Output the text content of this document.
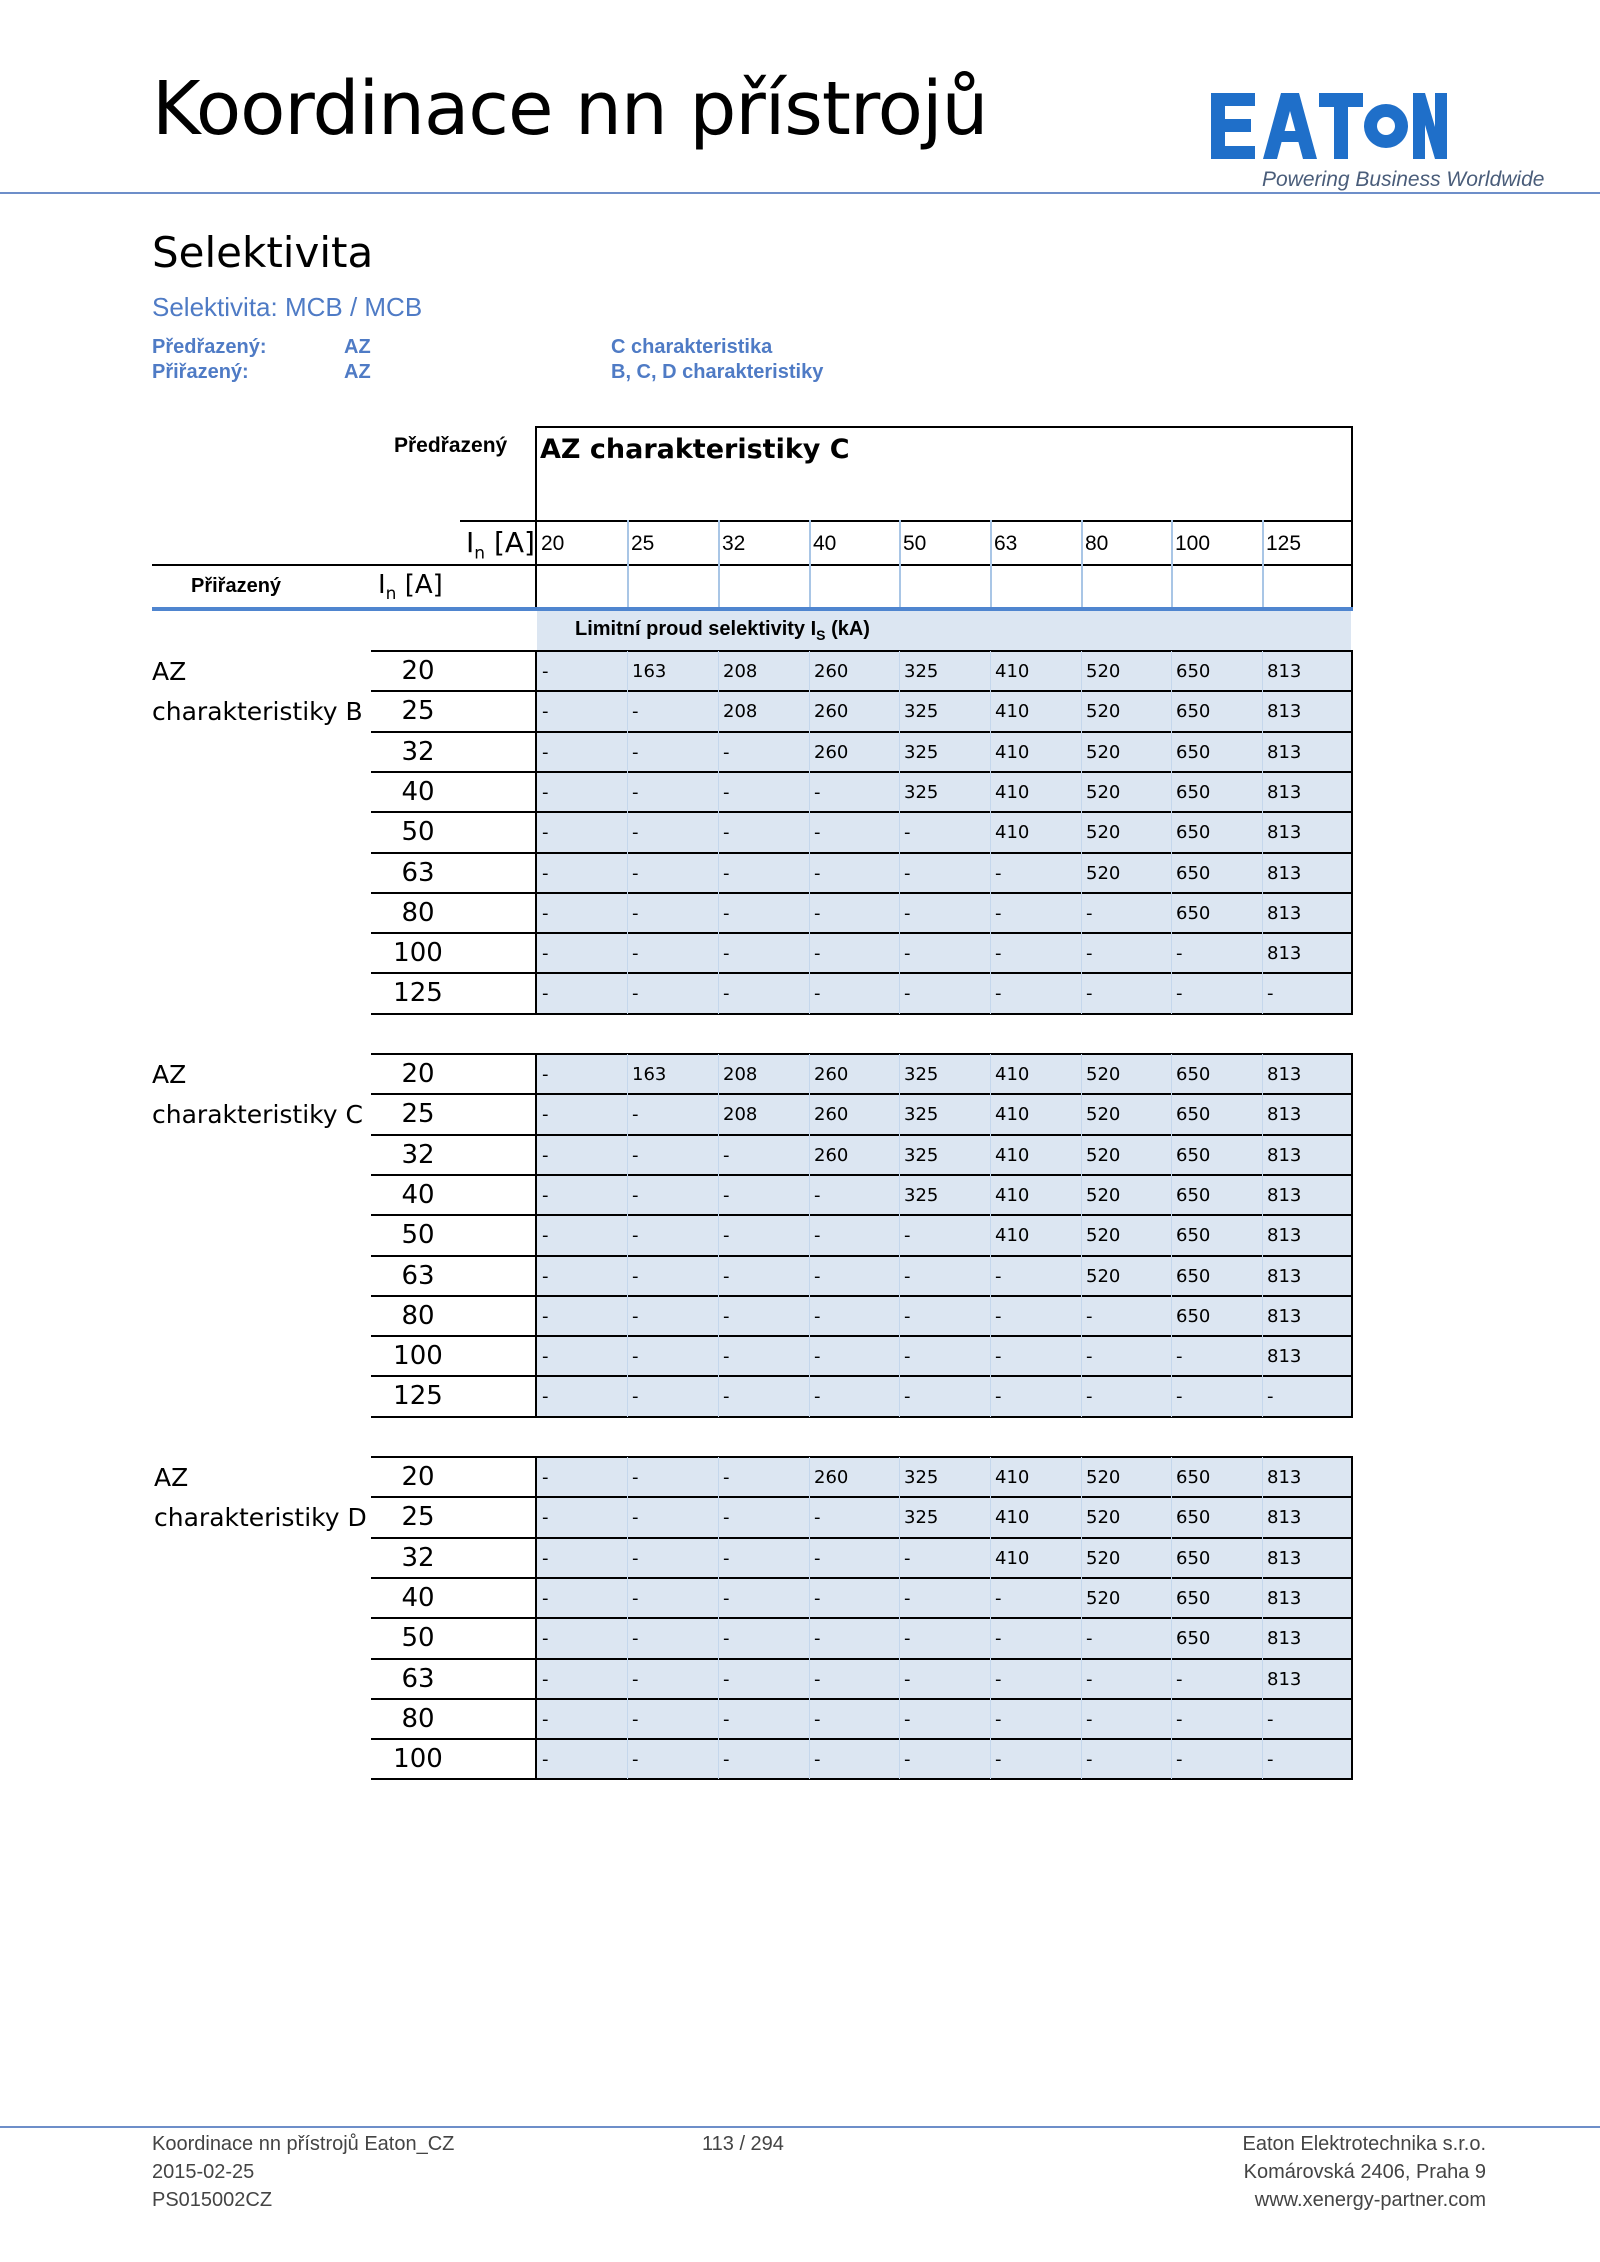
Koordinace nn přístrojů
Powering Business Worldwide
Selektivita
Selektivita: MCB / MCB
Předřazený:	AZ	C charakteristika
Přiřazený:	AZ	B, C, D charakteristiky
Předřazený AZ charakteristiky C
$I_n$ [A] 20	25	32	40	50	63	80	100	125
Přiřazený	$I_n$ [A]
Limitní proud selektivity $I_S$ (kA)
AZ
charakteristiky B
20	-	163	208	260	325	410	520	650	813
25	-	-	208	260	325	410	520	650	813
32	-	-	-	260	325	410	520	650	813
40	-	-	-	-	325	410	520	650	813
50	-	-	-	-	-	410	520	650	813
63	-	-	-	-	-	-	520	650	813
80	-	-	-	-	-	-	-	650	813
100	-	-	-	-	-	-	-	-	813
125	-	-	-	-	-	-	-	-	-
AZ
charakteristiky C
20	-	163	208	260	325	410	520	650	813
25	-	-	208	260	325	410	520	650	813
32	-	-	-	260	325	410	520	650	813
40	-	-	-	-	325	410	520	650	813
50	-	-	-	-	-	410	520	650	813
63	-	-	-	-	-	-	520	650	813
80	-	-	-	-	-	-	-	650	813
100	-	-	-	-	-	-	-	-	813
125	-	-	-	-	-	-	-	-	-
AZ
charakteristiky D
20	-	-	-	260	325	410	520	650	813
25	-	-	-	-	325	410	520	650	813
32	-	-	-	-	-	410	520	650	813
40	-	-	-	-	-	-	520	650	813
50	-	-	-	-	-	-	-	650	813
63	-	-	-	-	-	-	-	-	813
80	-	-	-	-	-	-	-	-	-
100	-	-	-	-	-	-	-	-	-
Koordinace nn přístrojů Eaton_CZ
2015-02-25
PS015002CZ
113 / 294	Eaton Elektrotechnika s.r.o.
Komárovská 2406, Praha 9
www.xenergy-partner.com
